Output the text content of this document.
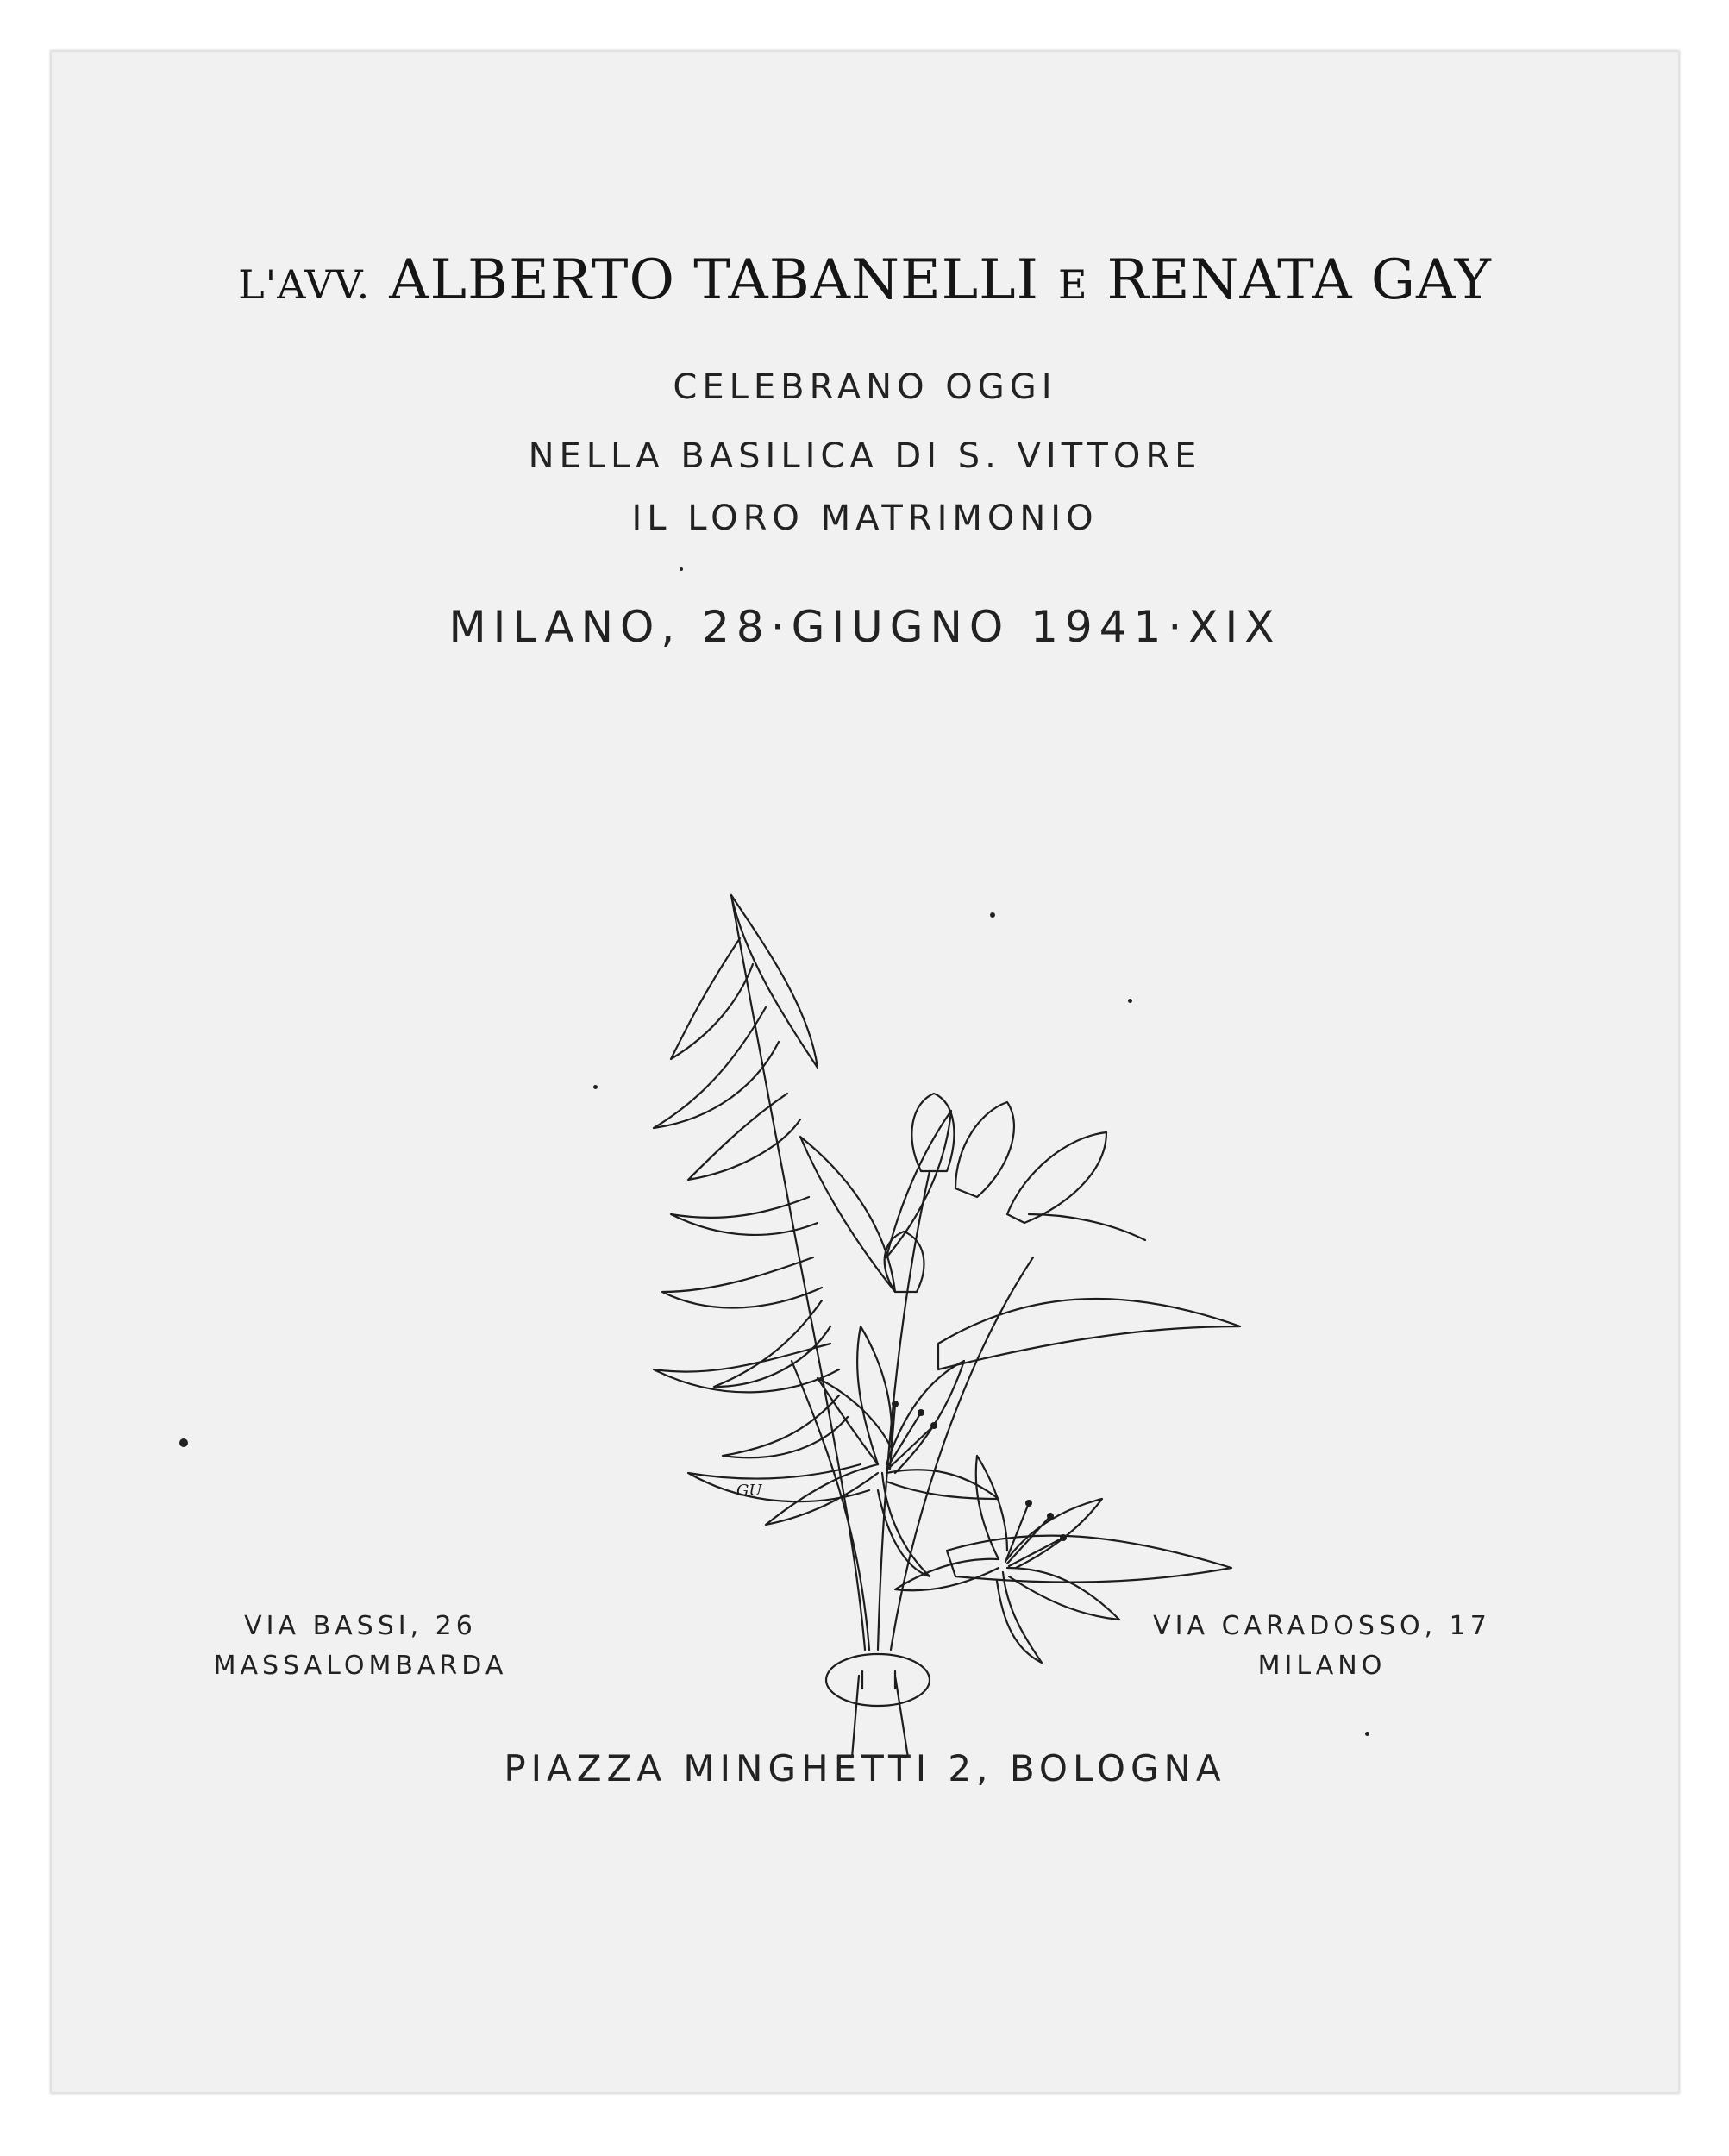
L'AVV. ALBERTO TABANELLI E RENATA GAY
CELEBRANO OGGI
NELLA BASILICA DI S. VITTORE
IL LORO MATRIMONIO
MILANO, 28·GIUGNO 1941·XIX
GU
VIA BASSI, 26
MASSALOMBARDA
VIA CARADOSSO, 17
MILANO
PIAZZA MINGHETTI 2, BOLOGNA
